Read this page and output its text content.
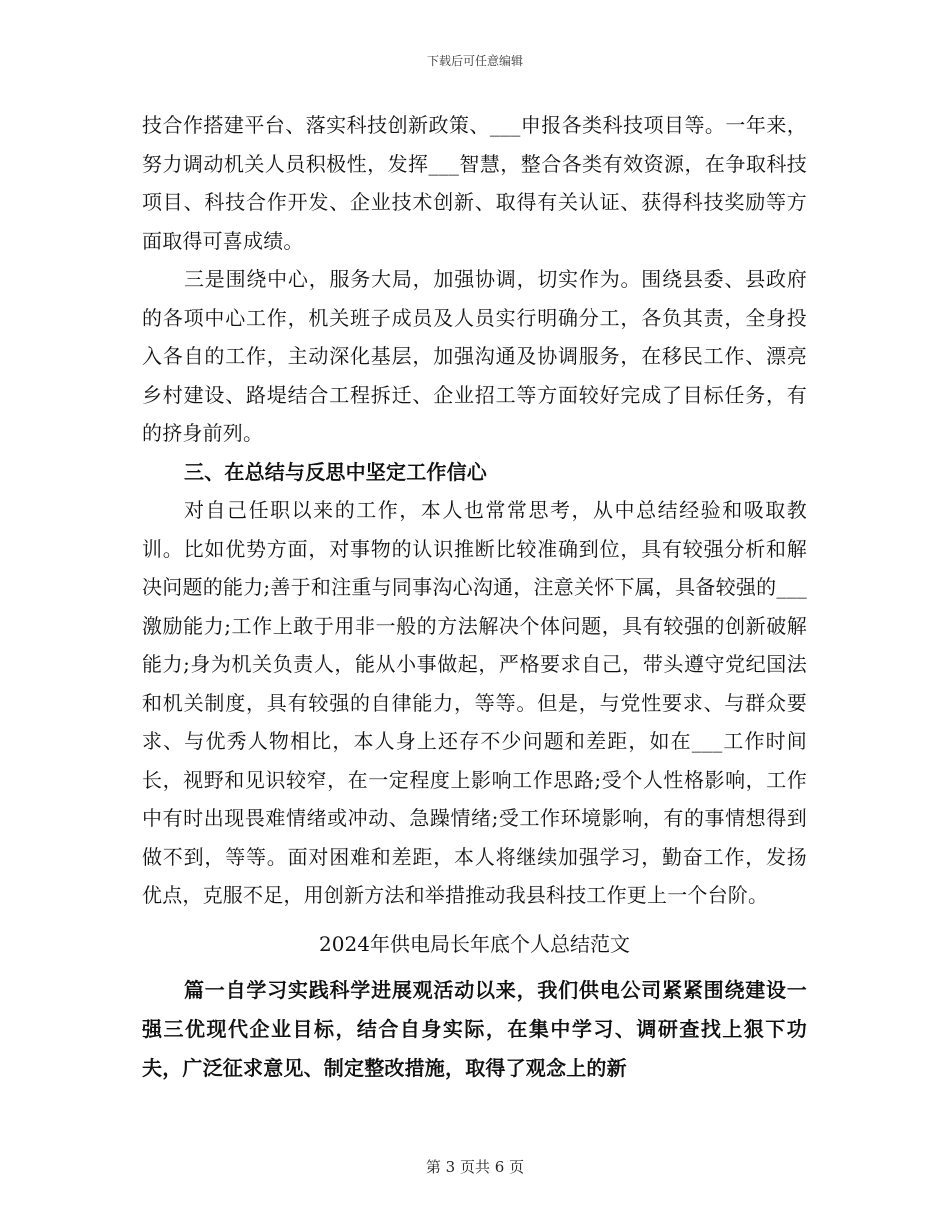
下载后可任意编辑

技合作搭建平台、落实科技创新政策、___申报各类科技项目等。一年来，努力调动机关人员积极性，发挥___智慧，整合各类有效资源，在争取科技项目、科技合作开发、企业技术创新、取得有关认证、获得科技奖励等方面取得可喜成绩。

三是围绕中心，服务大局，加强协调，切实作为。围绕县委、县政府的各项中心工作，机关班子成员及人员实行明确分工，各负其责，全身投入各自的工作，主动深化基层，加强沟通及协调服务，在移民工作、漂亮乡村建设、路堤结合工程拆迁、企业招工等方面较好完成了目标任务，有的挤身前列。

三、在总结与反思中坚定工作信心

对自己任职以来的工作，本人也常常思考，从中总结经验和吸取教训。比如优势方面，对事物的认识推断比较准确到位，具有较强分析和解决问题的能力;善于和注重与同事沟心沟通，注意关怀下属，具备较强的___激励能力;工作上敢于用非一般的方法解决个体问题，具有较强的创新破解能力;身为机关负责人，能从小事做起，严格要求自己，带头遵守党纪国法和机关制度，具有较强的自律能力，等等。但是，与党性要求、与群众要求、与优秀人物相比，本人身上还存不少问题和差距，如在___工作时间长，视野和见识较窄，在一定程度上影响工作思路;受个人性格影响，工作中有时出现畏难情绪或冲动、急躁情绪;受工作环境影响，有的事情想得到做不到，等等。面对困难和差距，本人将继续加强学习，勤奋工作，发扬优点，克服不足，用创新方法和举措推动我县科技工作更上一个台阶。

2024年供电局长年底个人总结范文

篇一自学习实践科学进展观活动以来，我们供电公司紧紧围绕建设一强三优现代企业目标，结合自身实际，在集中学习、调研查找上狠下功夫，广泛征求意见、制定整改措施，取得了观念上的新

第 3 页共 6 页
